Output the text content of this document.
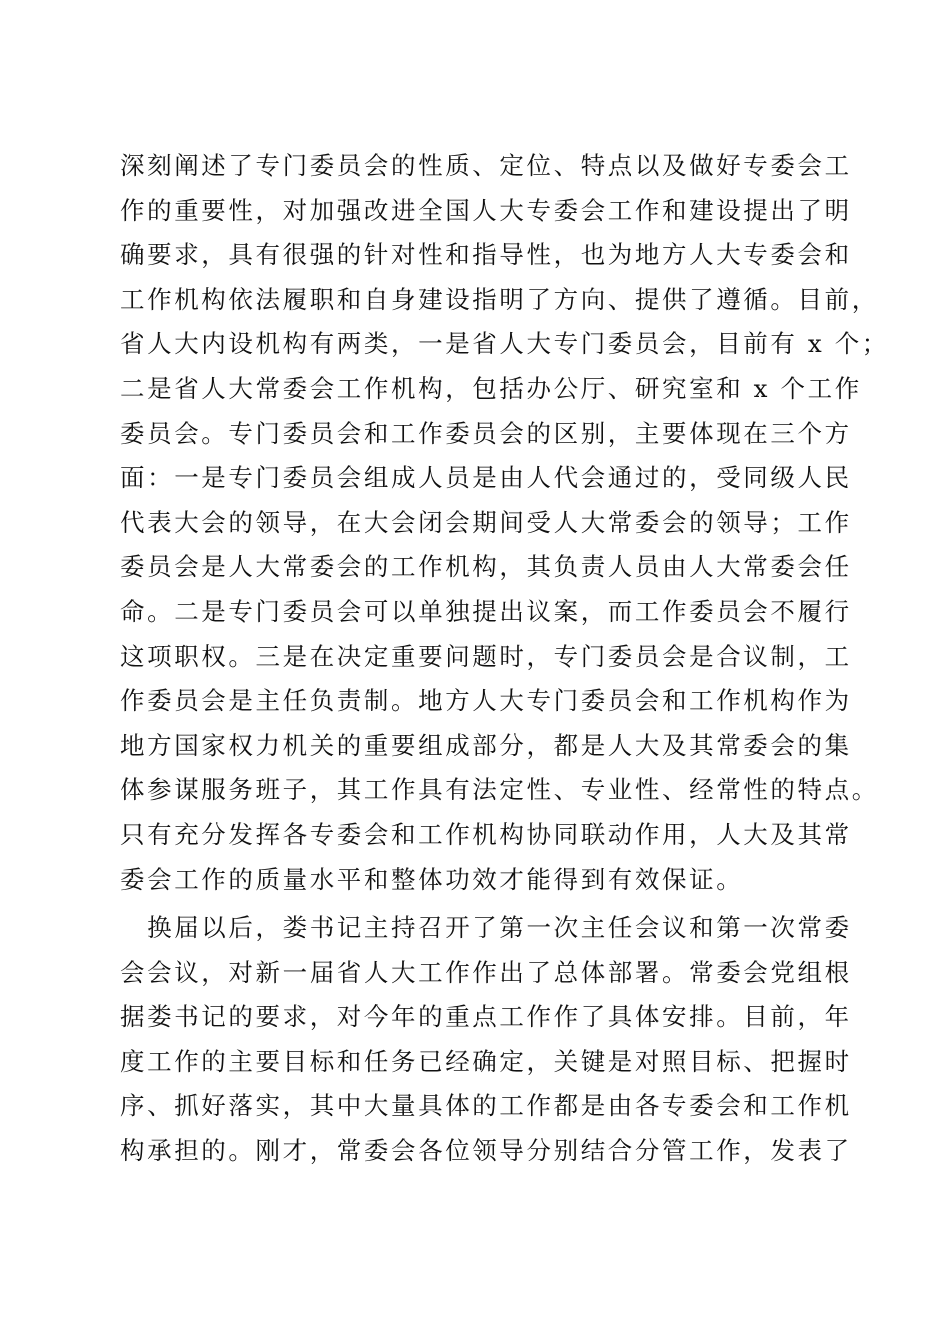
深刻阐述了专门委员会的性质、定位、特点以及做好专委会工
作的重要性，对加强改进全国人大专委会工作和建设提出了明
确要求，具有很强的针对性和指导性，也为地方人大专委会和
工作机构依法履职和自身建设指明了方向、提供了遵循。目前，
省人大内设机构有两类，一是省人大专门委员会，目前有 x 个；
二是省人大常委会工作机构，包括办公厅、研究室和 x 个工作
委员会。专门委员会和工作委员会的区别，主要体现在三个方
面：一是专门委员会组成人员是由人代会通过的，受同级人民
代表大会的领导，在大会闭会期间受人大常委会的领导；工作
委员会是人大常委会的工作机构，其负责人员由人大常委会任
命。二是专门委员会可以单独提出议案，而工作委员会不履行
这项职权。三是在决定重要问题时，专门委员会是合议制，工
作委员会是主任负责制。地方人大专门委员会和工作机构作为
地方国家权力机关的重要组成部分，都是人大及其常委会的集
体参谋服务班子，其工作具有法定性、专业性、经常性的特点。
只有充分发挥各专委会和工作机构协同联动作用，人大及其常
委会工作的质量水平和整体功效才能得到有效保证。
　换届以后，娄书记主持召开了第一次主任会议和第一次常委
会会议，对新一届省人大工作作出了总体部署。常委会党组根
据娄书记的要求，对今年的重点工作作了具体安排。目前，年
度工作的主要目标和任务已经确定，关键是对照目标、把握时
序、抓好落实，其中大量具体的工作都是由各专委会和工作机
构承担的。刚才，常委会各位领导分别结合分管工作，发表了
